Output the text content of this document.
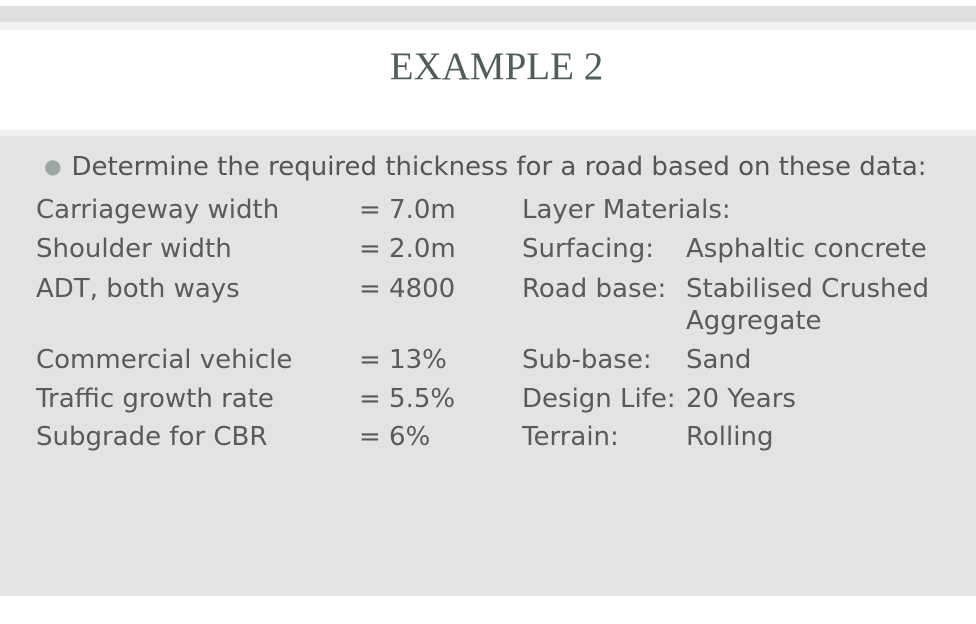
EXAMPLE 2
● Determine the required thickness for a road based on these data:
Carriageway width
Shoulder width
ADT, both ways
Commercial vehicle
Traffic growth rate
Subgrade for CBR
= 7.0m
= 2.0m
= 4800
= 13%
= 5.5%
= 6%
Layer Materials:
Surfacing: Asphaltic concrete
Road base: Stabilised Crushed
Aggregate
Sub-base: Sand
Design Life: 20 Years
Terrain:	Rolling
